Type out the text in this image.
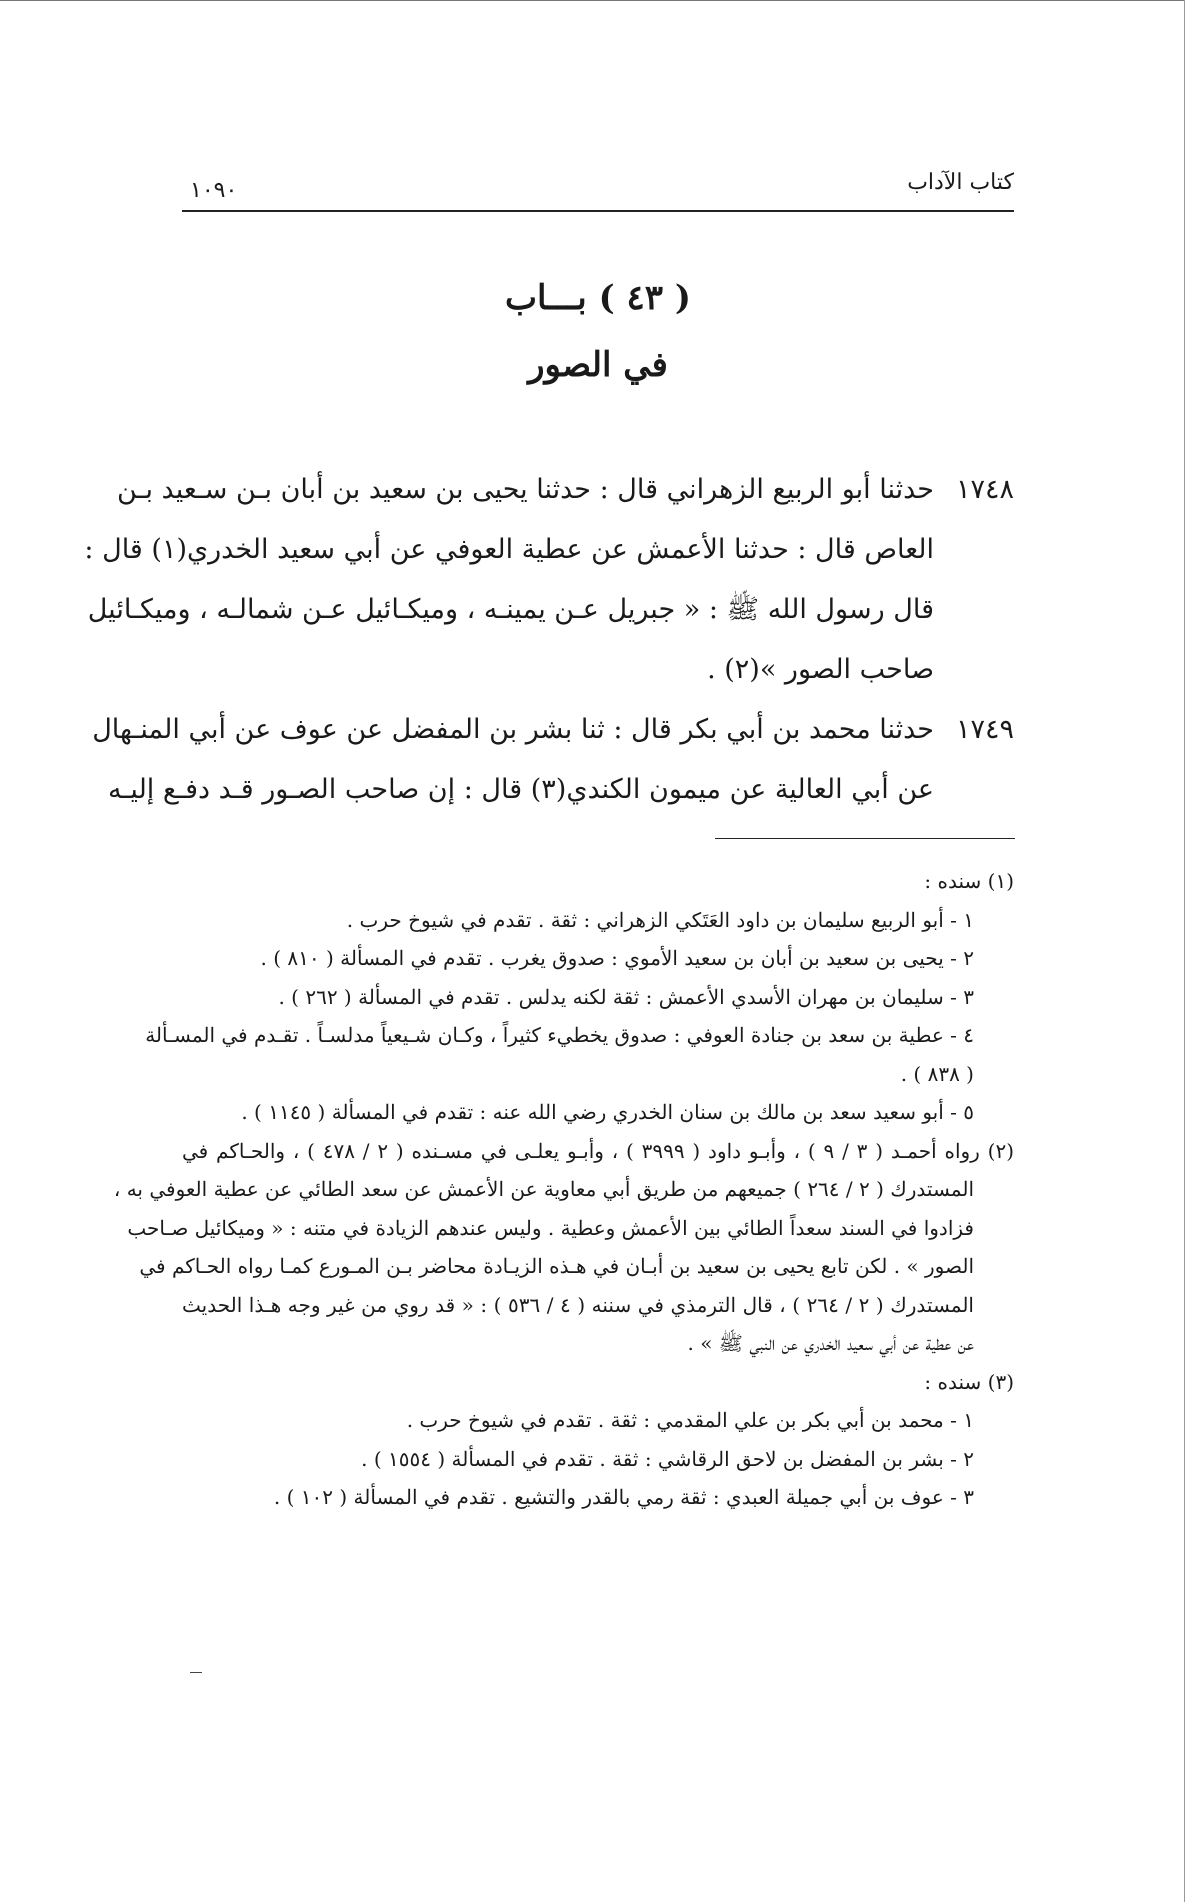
كتاب الآداب
١٠٩٠
( ٤٣ ) بـــاب
في الصور
١٧٤٨حدثنا أبو الربيع الزهراني قال : حدثنا يحيى بن سعيد بن أبان بـن سـعيد بـن
العاص قال : حدثنا الأعمش عن عطية العوفي عن أبي سعيد الخدري(١) قال :
قال رسول الله ﷺ : « جبريل عـن يمينـه ، وميكـائيل عـن شمالـه ، وميكـائيل
صاحب الصور »(٢) .
١٧٤٩حدثنا محمد بن أبي بكر قال : ثنا بشر بن المفضل عن عوف عن أبي المنـهال
عن أبي العالية عن ميمون الكندي(٣) قال : إن صاحب الصـور قـد دفـع إليـه
(١) سنده :
١ - أبو الربيع سليمان بن داود العَتَكي الزهراني : ثقة . تقدم في شيوخ حرب .
٢ - يحيى بن سعيد بن أبان بن سعيد الأموي : صدوق يغرب . تقدم في المسألة ( ٨١٠ ) .
٣ - سليمان بن مهران الأسدي الأعمش : ثقة لكنه يدلس . تقدم في المسألة ( ٢٦٢ ) .
٤ - عطية بن سعد بن جنادة العوفي : صدوق يخطيء كثيراً ، وكـان شـيعياً مدلسـاً . تقـدم في المسـألة
( ٨٣٨ ) .
٥ - أبو سعيد سعد بن مالك بن سنان الخدري رضي الله عنه : تقدم في المسألة ( ١١٤٥ ) .
(٢) رواه أحمـد ( ٣ / ٩ ) ، وأبـو داود ( ٣٩٩٩ ) ، وأبـو يعلـى في مسـنده ( ٢ / ٤٧٨ ) ، والحـاكم في
المستدرك ( ٢ / ٢٦٤ ) جميعهم من طريق أبي معاوية عن الأعمش عن سعد الطائي عن عطية العوفي به ،
فزادوا في السند سعداً الطائي بين الأعمش وعطية . وليس عندهم الزيادة في متنه : « وميكائيل صـاحب
الصور » . لكن تابع يحيى بن سعيد بن أبـان في هـذه الزيـادة محاضر بـن المـورع كمـا رواه الحـاكم في
المستدرك ( ٢ / ٢٦٤ ) ، قال الترمذي في سننه ( ٤ / ٥٣٦ ) : « قد روي من غير وجه هـذا الحديث
عن عطية عن أبي سعيد الخدري عن النبي ﷺ » .
(٣) سنده :
١ - محمد بن أبي بكر بن علي المقدمي : ثقة . تقدم في شيوخ حرب .
٢ - بشر بن المفضل بن لاحق الرقاشي : ثقة . تقدم في المسألة ( ١٥٥٤ ) .
٣ - عوف بن أبي جميلة العبدي : ثقة رمي بالقدر والتشيع . تقدم في المسألة ( ١٠٢ ) .
